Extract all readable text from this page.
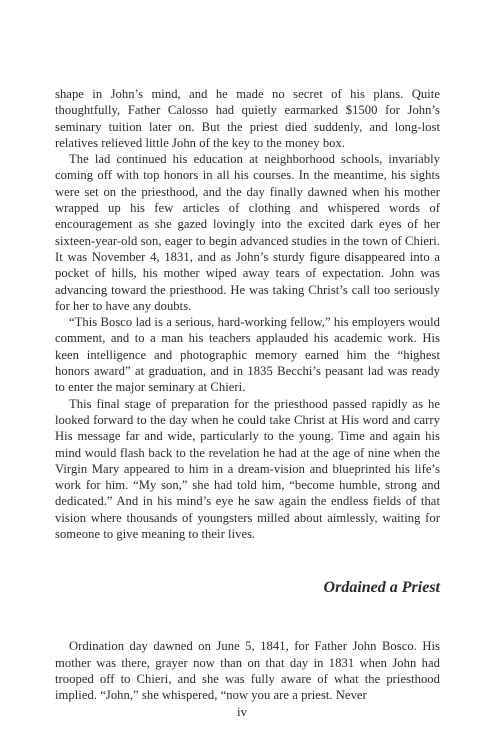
shape in John’s mind, and he made no secret of his plans. Quite thoughtfully, Father Calosso had quietly earmarked $1500 for John’s seminary tuition later on. But the priest died suddenly, and long-lost relatives relieved little John of the key to the money box.

The lad continued his education at neighborhood schools, invariably coming off with top honors in all his courses. In the meantime, his sights were set on the priesthood, and the day finally dawned when his mother wrapped up his few articles of clothing and whispered words of encouragement as she gazed lovingly into the excited dark eyes of her sixteen-year-old son, eager to begin advanced studies in the town of Chieri. It was November 4, 1831, and as John’s sturdy figure disappeared into a pocket of hills, his mother wiped away tears of expectation. John was advancing toward the priesthood. He was taking Christ’s call too seriously for her to have any doubts.

“This Bosco lad is a serious, hard-working fellow,” his employers would comment, and to a man his teachers applauded his academic work. His keen intelligence and photographic memory earned him the “highest honors award” at graduation, and in 1835 Becchi’s peasant lad was ready to enter the major seminary at Chieri.

This final stage of preparation for the priesthood passed rapidly as he looked forward to the day when he could take Christ at His word and carry His message far and wide, particularly to the young. Time and again his mind would flash back to the revelation he had at the age of nine when the Virgin Mary appeared to him in a dream-vision and blueprinted his life’s work for him. “My son,” she had told him, “become humble, strong and dedicated.” And in his mind’s eye he saw again the endless fields of that vision where thousands of youngsters milled about aimlessly, waiting for someone to give meaning to their lives.

Ordained a Priest

Ordination day dawned on June 5, 1841, for Father John Bosco. His mother was there, grayer now than on that day in 1831 when John had trooped off to Chieri, and she was fully aware of what the priesthood implied. “John,” she whispered, “now you are a priest. Never

iv
